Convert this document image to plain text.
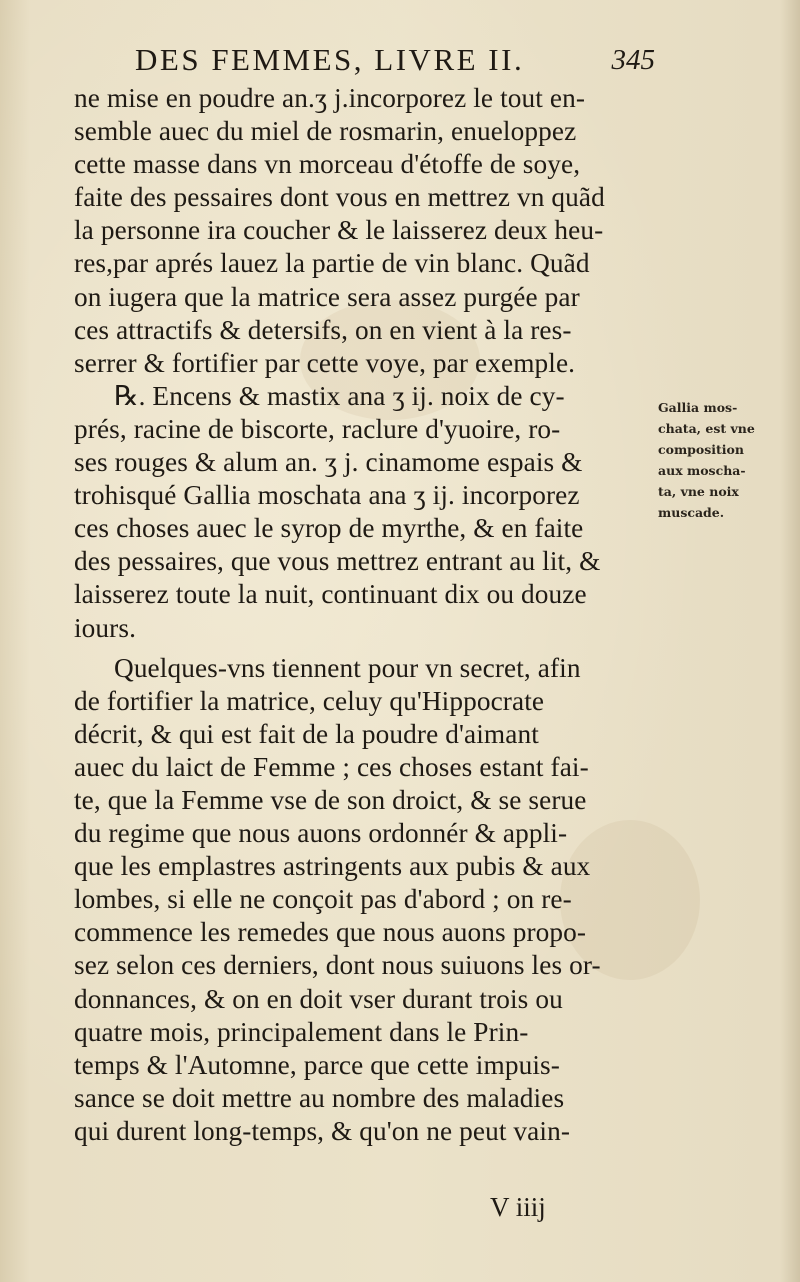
DES FEMMES, LIVRE II.	345
ne mise en poudre an.ʒ j.incorporez le tout en-
semble auec du miel de rosmarin, enueloppez
cette masse dans vn morceau d'étoffe de soye,
faite des pessaires dont vous en mettrez vn quãd
la personne ira coucher & le laisserez deux heu-
res,par aprés lauez la partie de vin blanc. Quãd
on iugera que la matrice sera assez purgée par
ces attractifs & detersifs, on en vient à la res-
serrer & fortifier par cette voye, par exemple.
℞. Encens & mastix ana ʒ ij. noix de cy-
prés, racine de biscorte, raclure d'yuoire, ro-
ses rouges & alum an. ʒ j. cinamome espais &
trohisqué Gallia moschata ana ʒ ij. incorporez
ces choses auec le syrop de myrthe, & en faite
des pessaires, que vous mettrez entrant au lit, &
laisserez toute la nuit, continuant dix ou douze
iours.
Quelques-vns tiennent pour vn secret, afin
de fortifier la matrice, celuy qu'Hippocrate
décrit, & qui est fait de la poudre d'aimant
auec du laict de Femme ; ces choses estant fai-
te, que la Femme vse de son droict, & se serue
du regime que nous auons ordonnér & appli-
que les emplastres astringents aux pubis & aux
lombes, si elle ne conçoit pas d'abord ; on re-
commence les remedes que nous auons propo-
sez selon ces derniers, dont nous suiuons les or-
donnances, & on en doit vser durant trois ou
quatre mois, principalement dans le Prin-
temps & l'Automne, parce que cette impuis-
sance se doit mettre au nombre des maladies
qui durent long-temps, & qu'on ne peut vain-
Gallia mos-
chata, est vne
composition
aux moscha-
ta, vne noix
muscade.
V iiij
